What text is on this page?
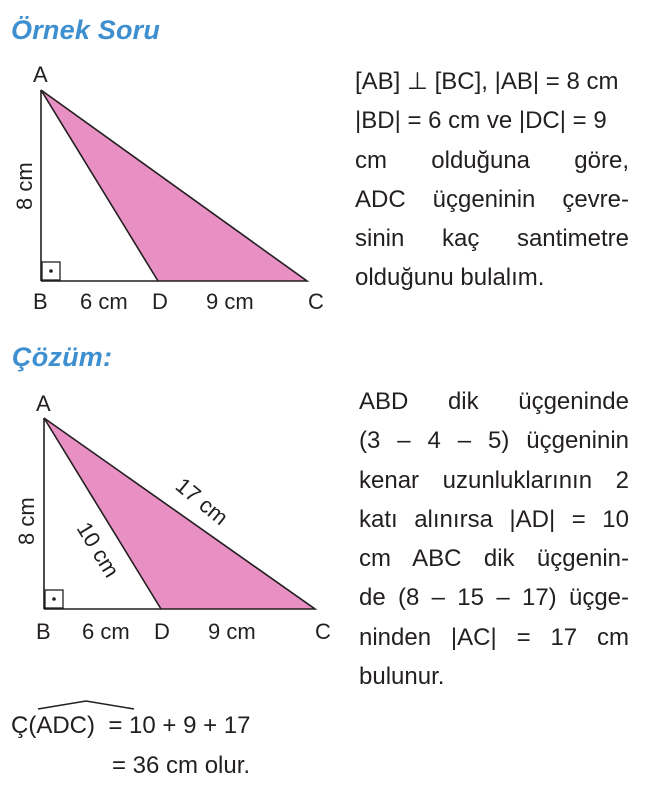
Örnek Soru
A
B	D	C
6 cm	9 cm
8 cm
[AB] ⊥ [BC], |AB| = 8 cm
|BD| = 6 cm ve |DC| = 9
cm olduğuna göre,
ADC üçgeninin çevre-
sinin kaç santimetre
olduğunu bulalım.
Çözüm:
A
B	D	C
6 cm	9 cm
8 cm 10 cm
17 cm
ABD dik üçgeninde
(3 – 4 – 5) üçgeninin
kenar uzunluklarının 2
katı alınırsa |AD| = 10
cm ABC dik üçgenin-
de (8 – 15 – 17) üçge-
ninden |AC| = 17 cm
bulunur.
Ç(
ADC) = 10 + 9 + 17
= 36 cm olur.
